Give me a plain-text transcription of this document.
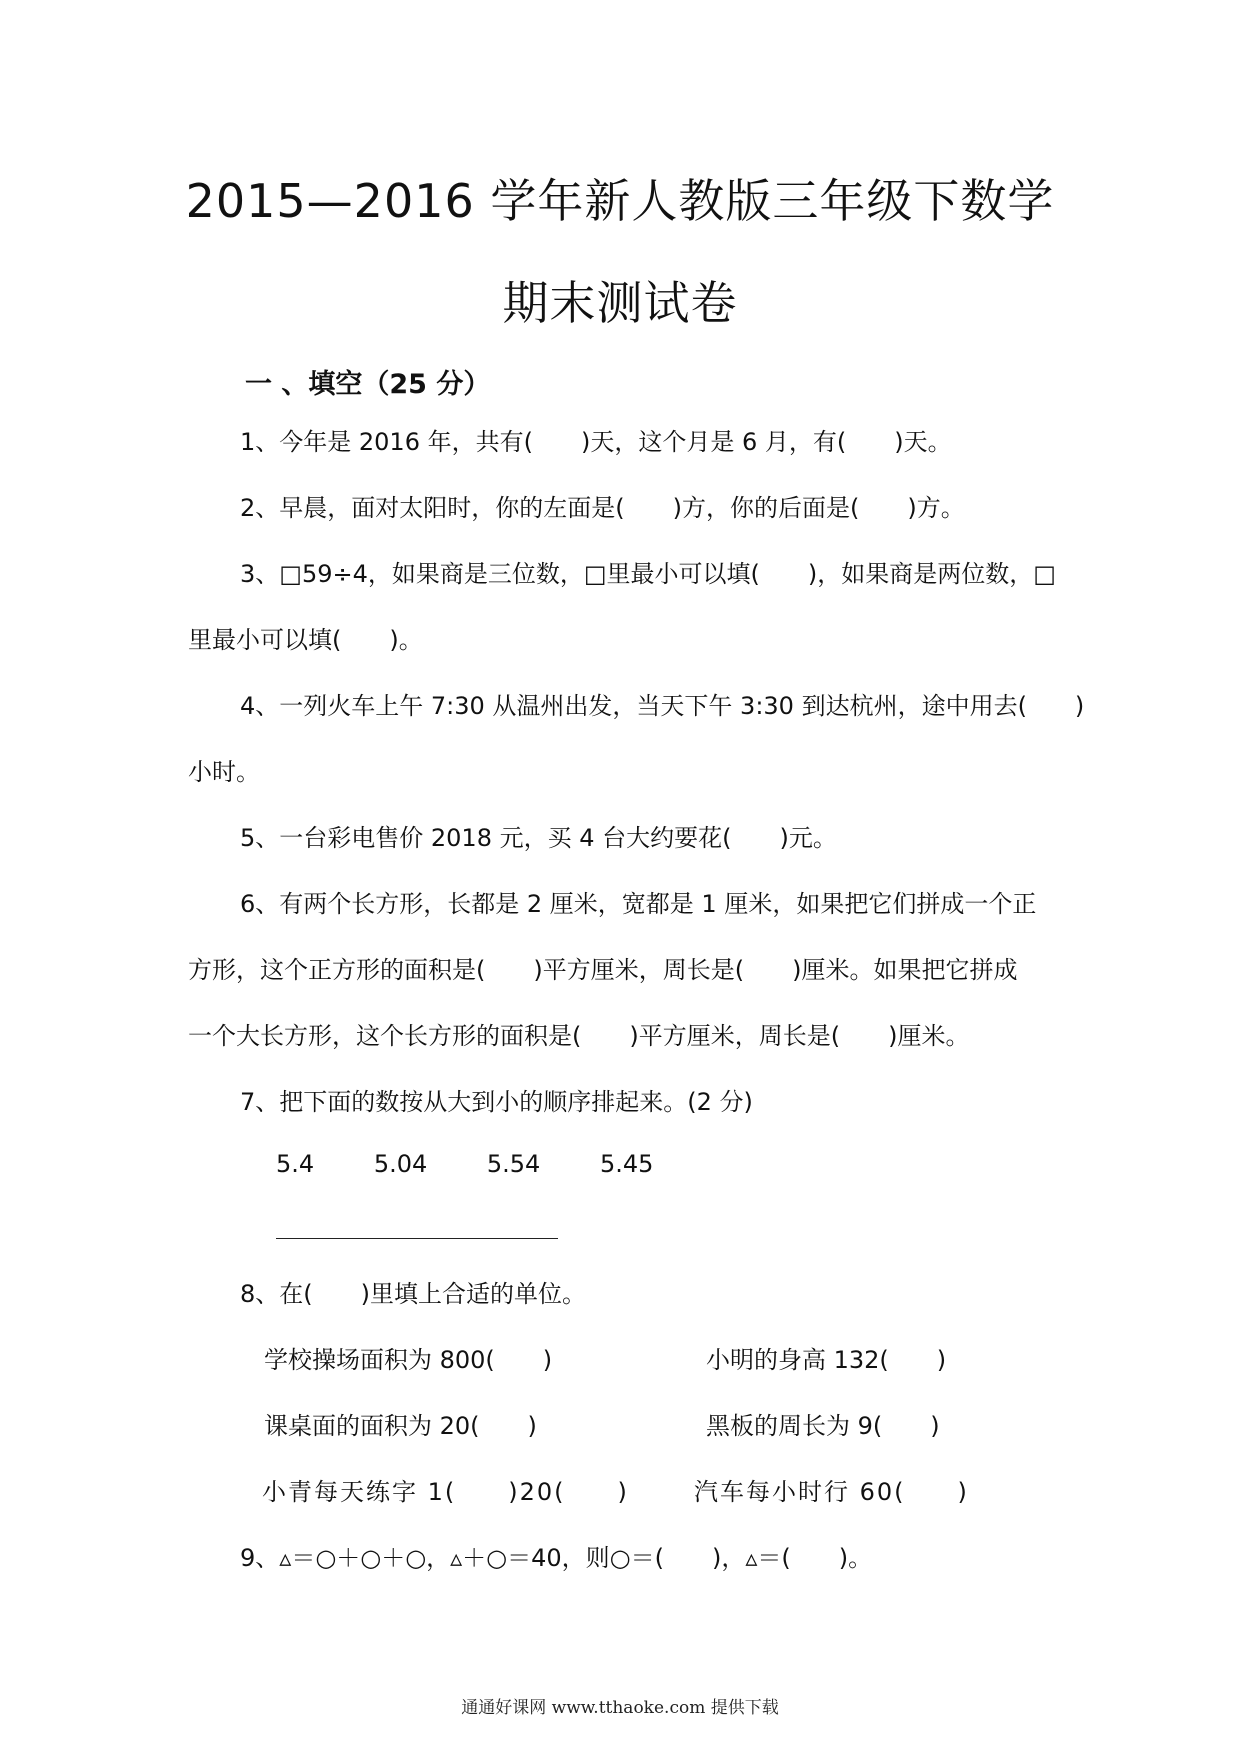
2015—2016 学年新人教版三年级下数学
期末测试卷
一 、填空（25 分）
1、今年是 2016 年，共有(　　)天，这个月是 6 月，有(　　)天。
2、早晨，面对太阳时，你的左面是(　　)方，你的后面是(　　)方。
3、□59÷4，如果商是三位数，□里最小可以填(　　)，如果商是两位数，□
里最小可以填(　　)。
4、一列火车上午 7:30 从温州出发，当天下午 3:30 到达杭州，途中用去(　　)
小时。
5、一台彩电售价 2018 元，买 4 台大约要花(　　)元。
6、有两个长方形，长都是 2 厘米，宽都是 1 厘米，如果把它们拼成一个正
方形，这个正方形的面积是(　　)平方厘米，周长是(　　)厘米。如果把它拼成
一个大长方形，这个长方形的面积是(　　)平方厘米，周长是(　　)厘米。
7、把下面的数按从大到小的顺序排起来。(2 分)
5.4 5.04 5.54 5.45
8、在(　　)里填上合适的单位。
学校操场面积为 800(　　)	小明的身高 132(　　)
课桌面的面积为 20(　　)	黑板的周长为 9(　　)
小青每天练字 1(　　)20(　　)	汽车每小时行 60(　　)
9、▵＝○＋○＋○，▵＋○＝40，则○＝(　　)，▵＝(　　)。
通通好课网 www.tthaoke.com 提供下载
